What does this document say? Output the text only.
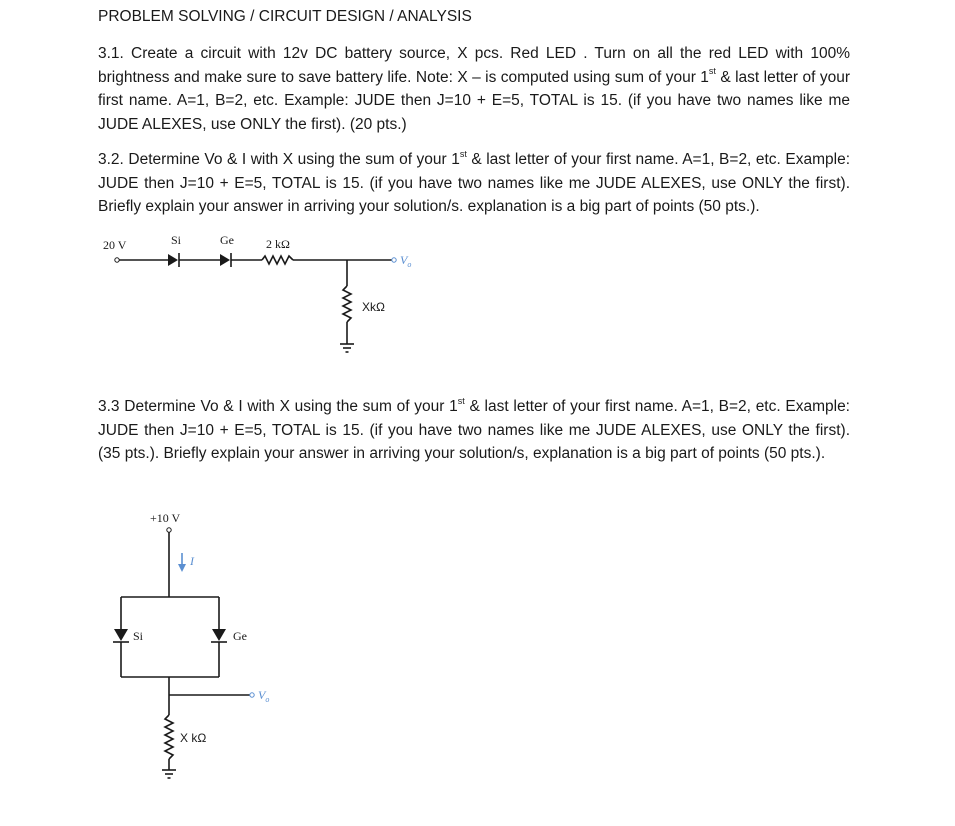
PROBLEM SOLVING / CIRCUIT DESIGN / ANALYSIS
3.1. Create a circuit with 12v DC battery source, X pcs. Red LED . Turn on all the red LED with 100% brightness and make sure to save battery life. Note: X – is computed using sum of your 1st & last letter of your first name. A=1, B=2, etc. Example: JUDE then J=10 + E=5, TOTAL is 15. (if you have two names like me JUDE ALEXES, use ONLY the first). (20 pts.)
3.2. Determine Vo & I with X using the sum of your 1st & last letter of your first name. A=1, B=2, etc. Example: JUDE then J=10 + E=5, TOTAL is 15. (if you have two names like me JUDE ALEXES, use ONLY the first). Briefly explain your answer in arriving your solution/s. explanation is a big part of points (50 pts.).
3.3 Determine Vo & I with X using the sum of your 1st & last letter of your first name. A=1, B=2, etc. Example: JUDE then J=10 + E=5, TOTAL is 15. (if you have two names like me JUDE ALEXES, use ONLY the first). (35 pts.). Briefly explain your answer in arriving your solution/s, explanation is a big part of points (50 pts.).
20 V	Si	Ge	2 kΩ
$V_o$
XkΩ
+10 V
I
Si	Ge
$V_o$
X kΩ
